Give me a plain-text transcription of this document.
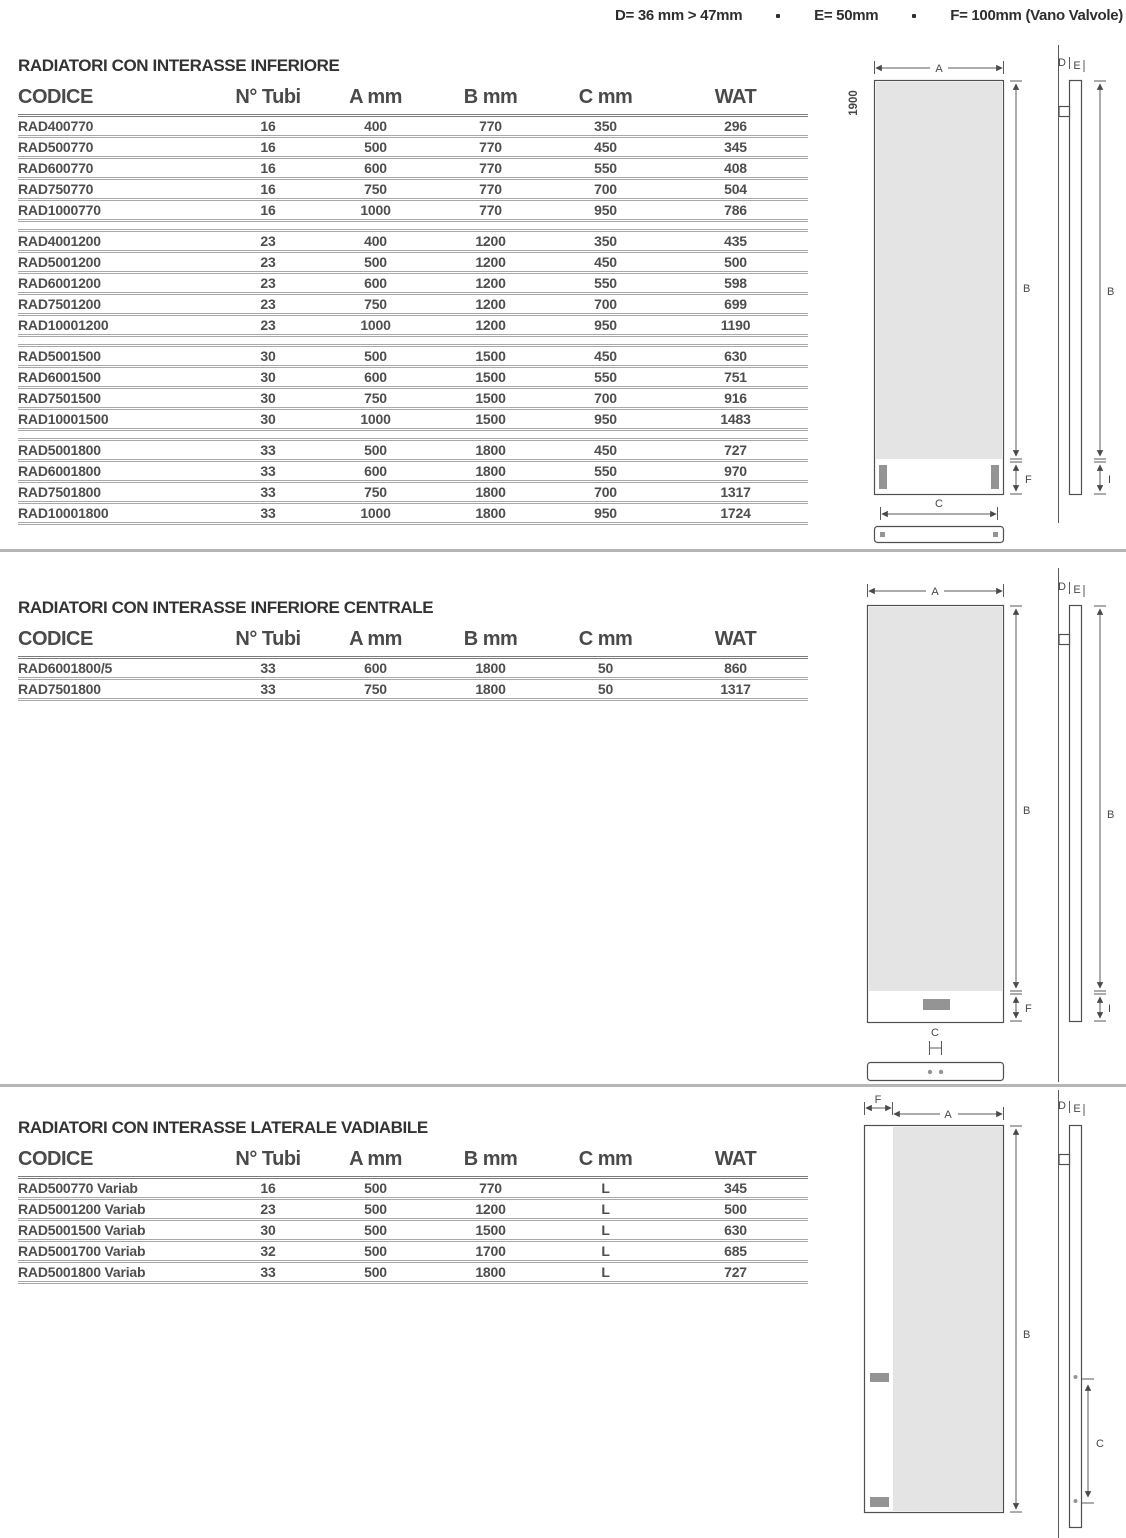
D= 36 mm > 47mm	E= 50mm	F= 100mm (Vano Valvole)
RADIATORI CON INTERASSE INFERIORE
CODICE	N° Tubi	A mm	B mm	C mm	WAT
RAD400770	16	400	770	350	296
RAD500770	16	500	770	450	345
RAD600770	16	600	770	550	408
RAD750770	16	750	770	700	504
RAD1000770	16	1000	770	950	786
RAD4001200	23	400	1200	350	435
RAD5001200	23	500	1200	450	500
RAD6001200	23	600	1200	550	598
RAD7501200	23	750	1200	700	699
RAD10001200	23	1000	1200	950	1190
RAD5001500	30	500	1500	450	630
RAD6001500	30	600	1500	550	751
RAD7501500	30	750	1500	700	916
RAD10001500	30	1000	1500	950	1483
RAD5001800	33	500	1800	450	727
RAD6001800	33	600	1800	550	970
RAD7501800	33	750	1800	700	1317
RAD10001800	33	1000	1800	950	1724
RADIATORI CON INTERASSE INFERIORE CENTRALE
CODICE	N° Tubi	A mm	B mm	C mm	WAT
RAD6001800/5	33	600	1800	50	860
RAD7501800	33	750	1800	50	1317
RADIATORI CON INTERASSE LATERALE VADIABILE
CODICE	N° Tubi	A mm	B mm	C mm	WAT
RAD500770 Variab	16	500	770	L	345
RAD5001200 Variab	23	500	1200	L	500
RAD5001500 Variab	30	500	1500	L	630
RAD5001700 Variab	32	500	1700	L	685
RAD5001800 Variab	33	500	1800	L	727
1900
A
B
F
C
D E
B
I
A
B
F
C
D E
B
I
F
A
B
D E
C
